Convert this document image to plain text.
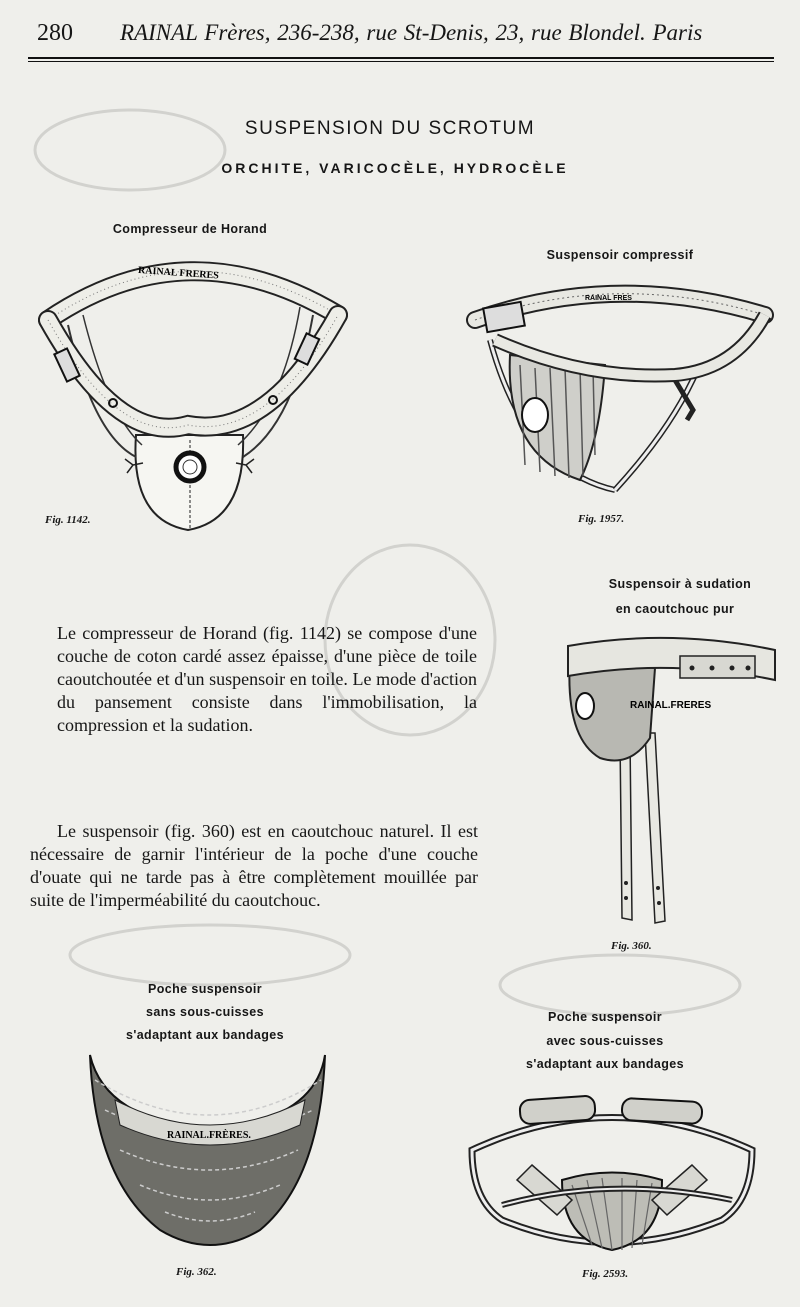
280 RAINAL Frères, 236-238, rue St-Denis, 23, rue Blondel. Paris
SUSPENSION DU SCROTUM
ORCHITE, VARICOCÈLE, HYDROCÈLE
Compresseur de Horand
RAINAL FRERES
Fig. 1142.
Suspensoir compressif
RAINAL FRES
Fig. 1957.
Le compresseur de Horand (fig. 1142) se compose d'une couche de coton cardé assez épaisse, d'une pièce de toile caoutchoutée et d'un suspensoir en toile. Le mode d'action du pansement consiste dans l'immobilisation, la compression et la sudation.
Suspensoir à sudation
en caoutchouc pur
RAINAL.FRERES
Fig. 360.
Le suspensoir (fig. 360) est en caoutchouc naturel. Il est nécessaire de garnir l'intérieur de la poche d'une couche d'ouate qui ne tarde pas à être complètement mouillée par suite de l'imperméabilité du caoutchouc.
Poche suspensoir
sans sous-cuisses
s'adaptant aux bandages
RAINAL.FRÈRES.
Fig. 362.
Poche suspensoir
avec sous-cuisses
s'adaptant aux bandages
Fig. 2593.
